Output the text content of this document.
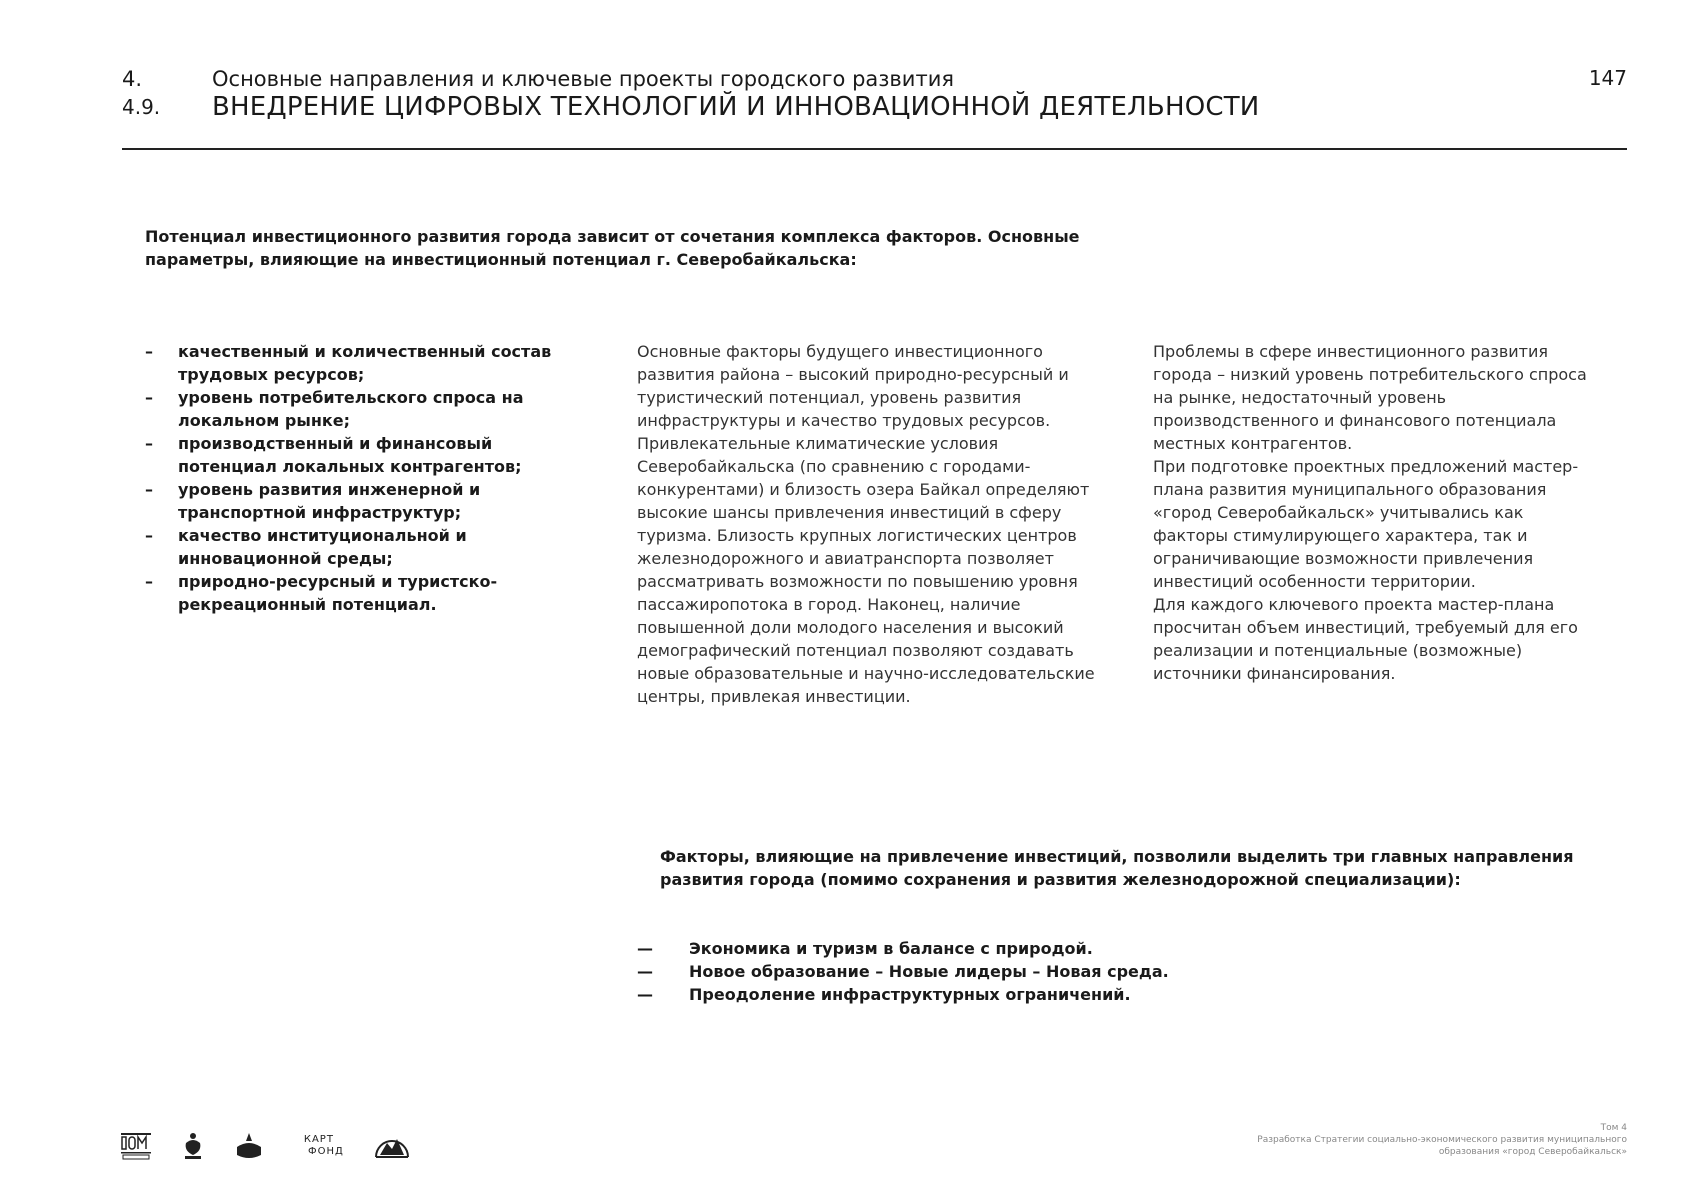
4.
4.9.
Основные направления и ключевые проекты городского развития
ВНЕДРЕНИЕ ЦИФРОВЫХ ТЕХНОЛОГИЙ И ИННОВАЦИОННОЙ ДЕЯТЕЛЬНОСТИ
147
Потенциал инвестиционного развития города зависит от сочетания комплекса факторов. Основные
параметры, влияющие на инвестиционный потенциал г. Северобайкальска:
– качественный и количественный состав трудовых ресурсов;
– уровень потребительского спроса на локальном рынке;
– производственный и финансовый потенциал локальных контрагентов;
– уровень развития инженерной и транспортной инфраструктур;
– качество институциональной и инновационной среды;
– природно-ресурсный и туристско-рекреационный потенциал.

Основные факторы будущего инвестиционного развития района – высокий природно-ресурсный и туристический потенциал, уровень развития инфраструктуры и качество трудовых ресурсов. Привлекательные климатические условия Северобайкальска (по сравнению с городами-конкурентами) и близость озера Байкал определяют высокие шансы привлечения инвестиций в сферу туризма. Близость крупных логистических центров железнодорожного и авиатранспорта позволяет рассматривать возможности по повышению уровня пассажиропотока в город. Наконец, наличие повышенной доли молодого населения и высокий демографический потенциал позволяют создавать новые образовательные и научно-исследовательские центры, привлекая инвестиции.

Проблемы в сфере инвестиционного развития города – низкий уровень потребительского спроса на рынке, недостаточный уровень производственного и финансового потенциала местных контрагентов.

При подготовке проектных предложений мастер-плана развития муниципального образования «город Северобайкальск» учитывались как факторы стимулирующего характера, так и ограничивающие возможности привлечения инвестиций особенности территории.

Для каждого ключевого проекта мастер-плана просчитан объем инвестиций, требуемый для его реализации и потенциальные (возможные) источники финансирования.

Факторы, влияющие на привлечение инвестиций, позволили выделить три главных направления
развития города (помимо сохранения и развития железнодорожной специализации):
— Экономика и туризм в балансе с природой.
— Новое образование – Новые лидеры – Новая среда.
— Преодоление инфраструктурных ограничений.
КАРТ
ФОНД
Том 4
Разработка Стратегии социально-экономического развития муниципального
образования «город Северобайкальск»
